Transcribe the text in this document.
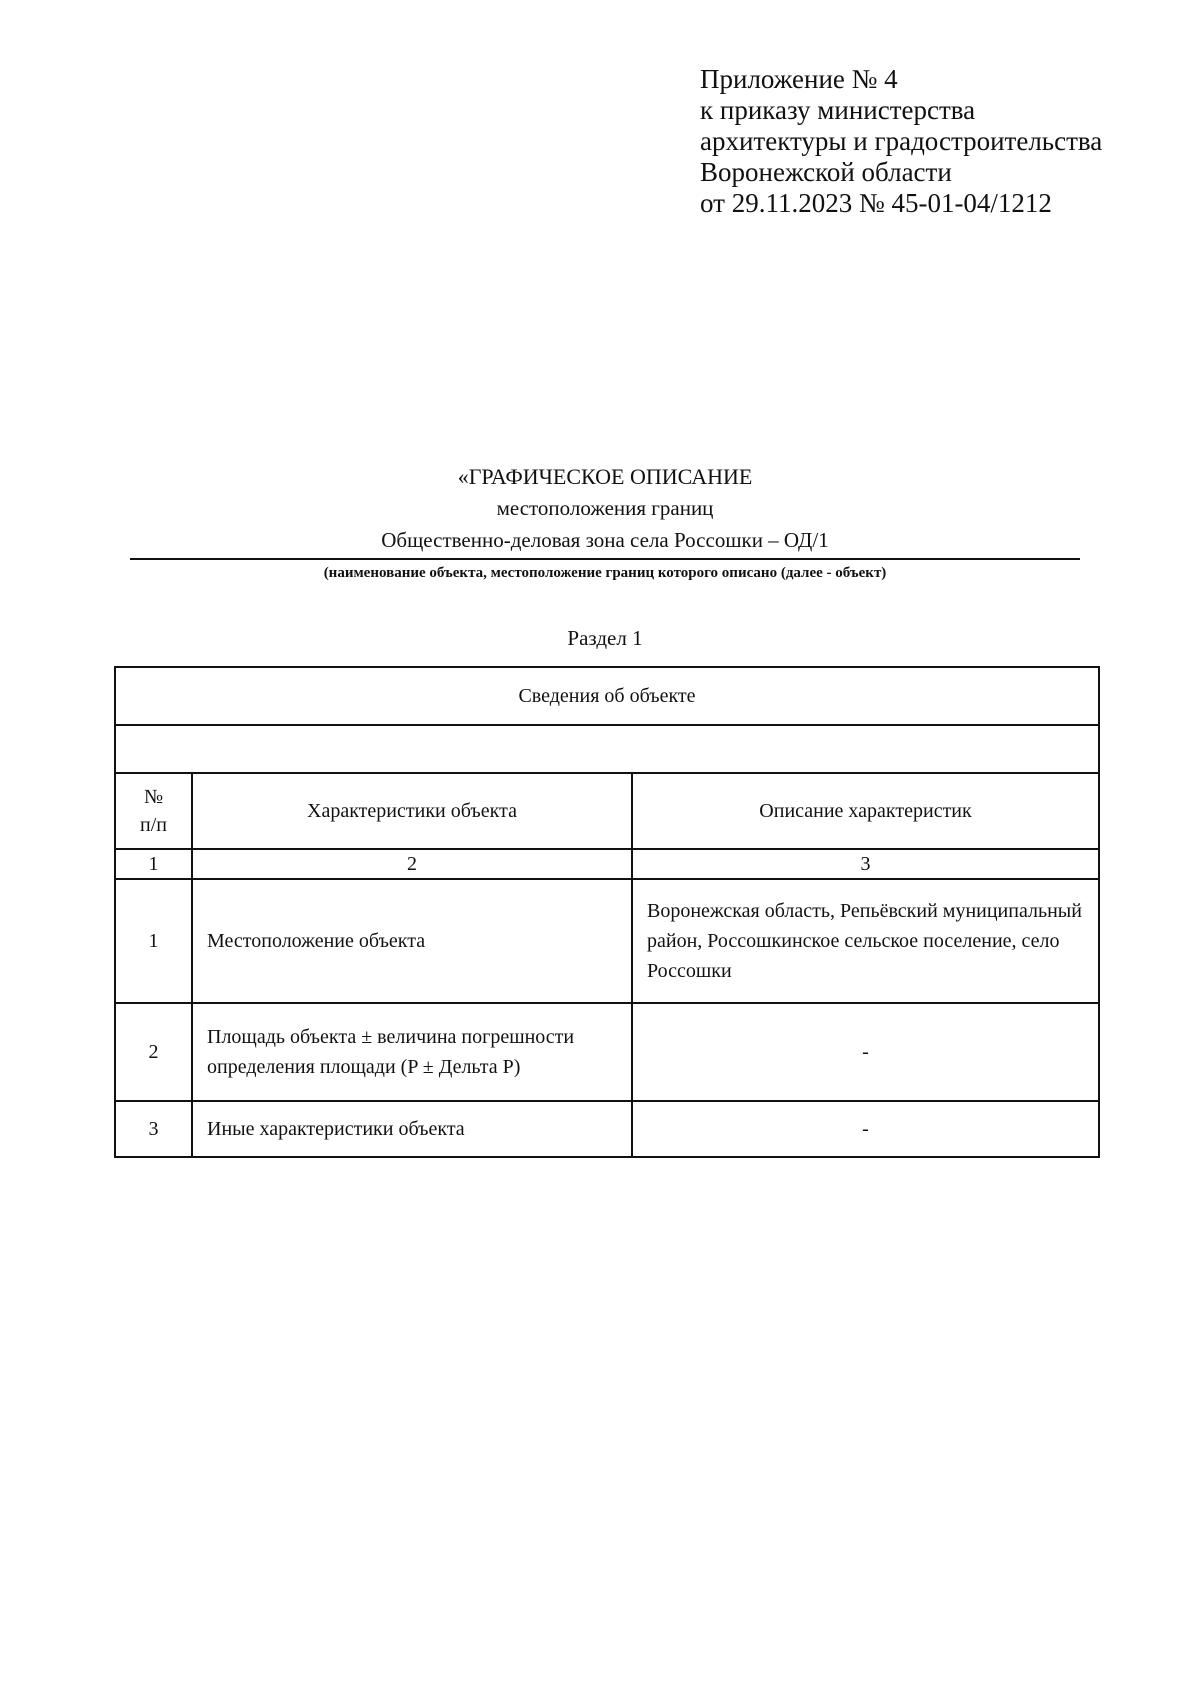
Приложение № 4
к приказу министерства
архитектуры и градостроительства
Воронежской области
от 29.11.2023 № 45-01-04/1212
«ГРАФИЧЕСКОЕ ОПИСАНИЕ
местоположения границ
Общественно-деловая зона села Россошки – ОД/1
(наименование объекта, местоположение границ которого описано (далее - объект)
Раздел 1
Сведения об объекте		

№
п/п	Характеристики объекта	Описание характеристик
1	2	3
1	Местоположение объекта	Воронежская область, Репьёвский муниципальный район, Россошкинское сельское поселение, село Россошки
2	Площадь объекта ± величина погрешности определения площади (P ± Дельта P)	-
3	Иные характеристики объекта	-
